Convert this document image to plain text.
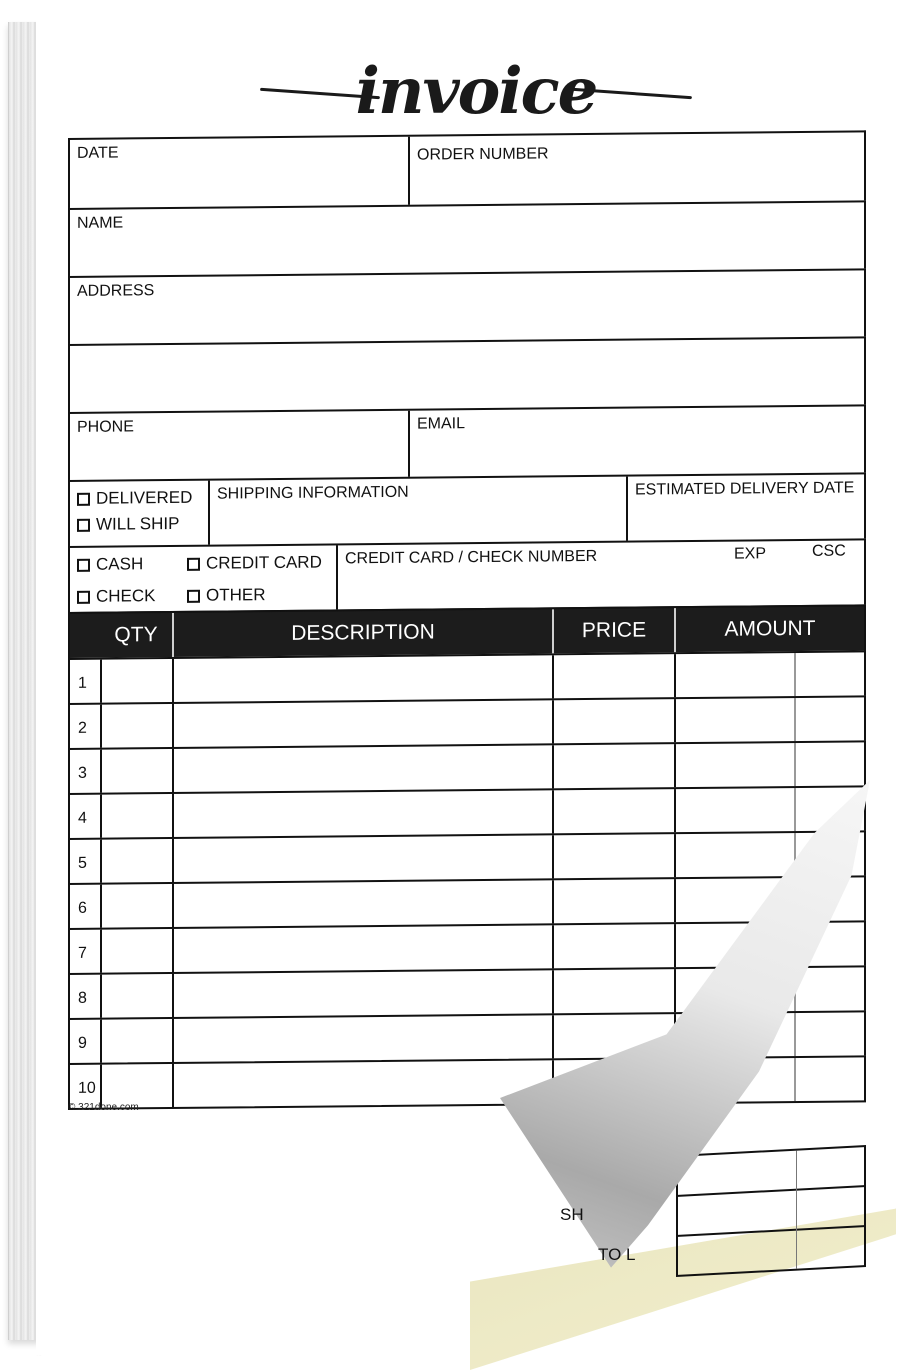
invoice
DATE	ORDER NUMBER
NAME
ADDRESS
PHONE	EMAIL
DELIVERED
WILL SHIP
SHIPPING INFORMATION	ESTIMATED DELIVERY DATE
CASH	CREDIT CARD
CHECK	OTHER
CREDIT CARD / CHECK NUMBER	EXP	CSC
QTY	DESCRIPTION	PRICE	AMOUNT
1
2
3
4
5
6
7
8
9
10
© 321done.com
SH
TO L
